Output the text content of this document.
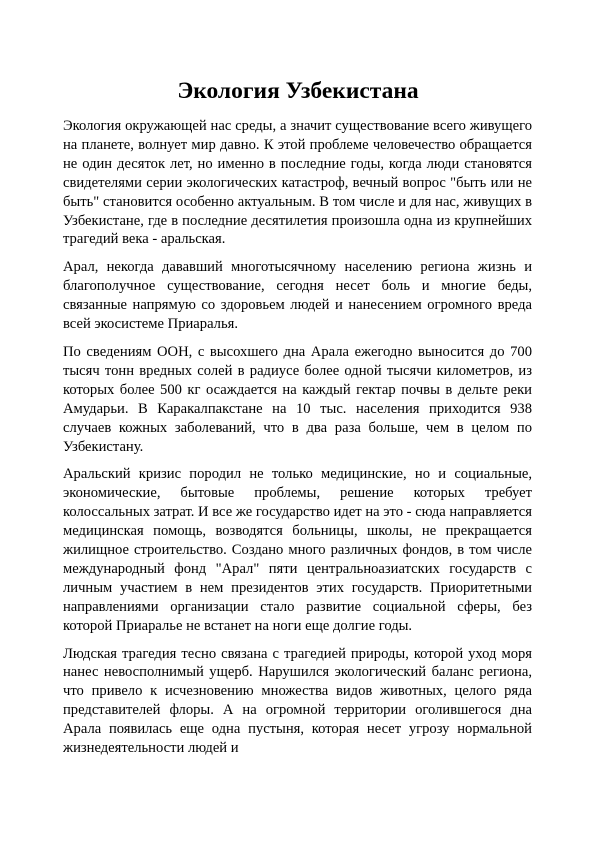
Экология Узбекистана

Экология окружающей нас среды, а значит существование всего живущего на планете, волнует мир давно. К этой проблеме человечество обращается не один десяток лет, но именно в последние годы, когда люди становятся свидетелями серии экологических катастроф, вечный вопрос "быть или не быть" становится особенно актуальным. В том числе и для нас, живущих в Узбекистане, где в последние десятилетия произошла одна из крупнейших трагедий века - аральская.

Арал, некогда дававший многотысячному населению региона жизнь и благополучное существование, сегодня несет боль и многие беды, связанные напрямую со здоровьем людей и нанесением огромного вреда всей экосистеме Приаралья.

По сведениям ООН, с высохшего дна Арала ежегодно выносится до 700 тысяч тонн вредных солей в радиусе более одной тысячи километров, из которых более 500 кг осаждается на каждый гектар почвы в дельте реки Амударьи. В Каракалпакстане на 10 тыс. населения приходится 938 случаев кожных заболеваний, что в два раза больше, чем в целом по Узбекистану.

Аральский кризис породил не только медицинские, но и социальные, экономические, бытовые проблемы, решение которых требует колоссальных затрат. И все же государство идет на это - сюда направляется медицинская помощь, возводятся больницы, школы, не прекращается жилищное строительство. Создано много различных фондов, в том числе международный фонд "Арал" пяти центральноазиатских государств с личным участием в нем президентов этих государств. Приоритетными направлениями организации стало развитие социальной сферы, без которой Приаралье не встанет на ноги еще долгие годы.

Людская трагедия тесно связана с трагедией природы, которой уход моря нанес невосполнимый ущерб. Нарушился экологический баланс региона, что привело к исчезновению множества видов животных, целого ряда представителей флоры. А на огромной территории оголившегося дна Арала появилась еще одна пустыня, которая несет угрозу нормальной жизнедеятельности людей и
